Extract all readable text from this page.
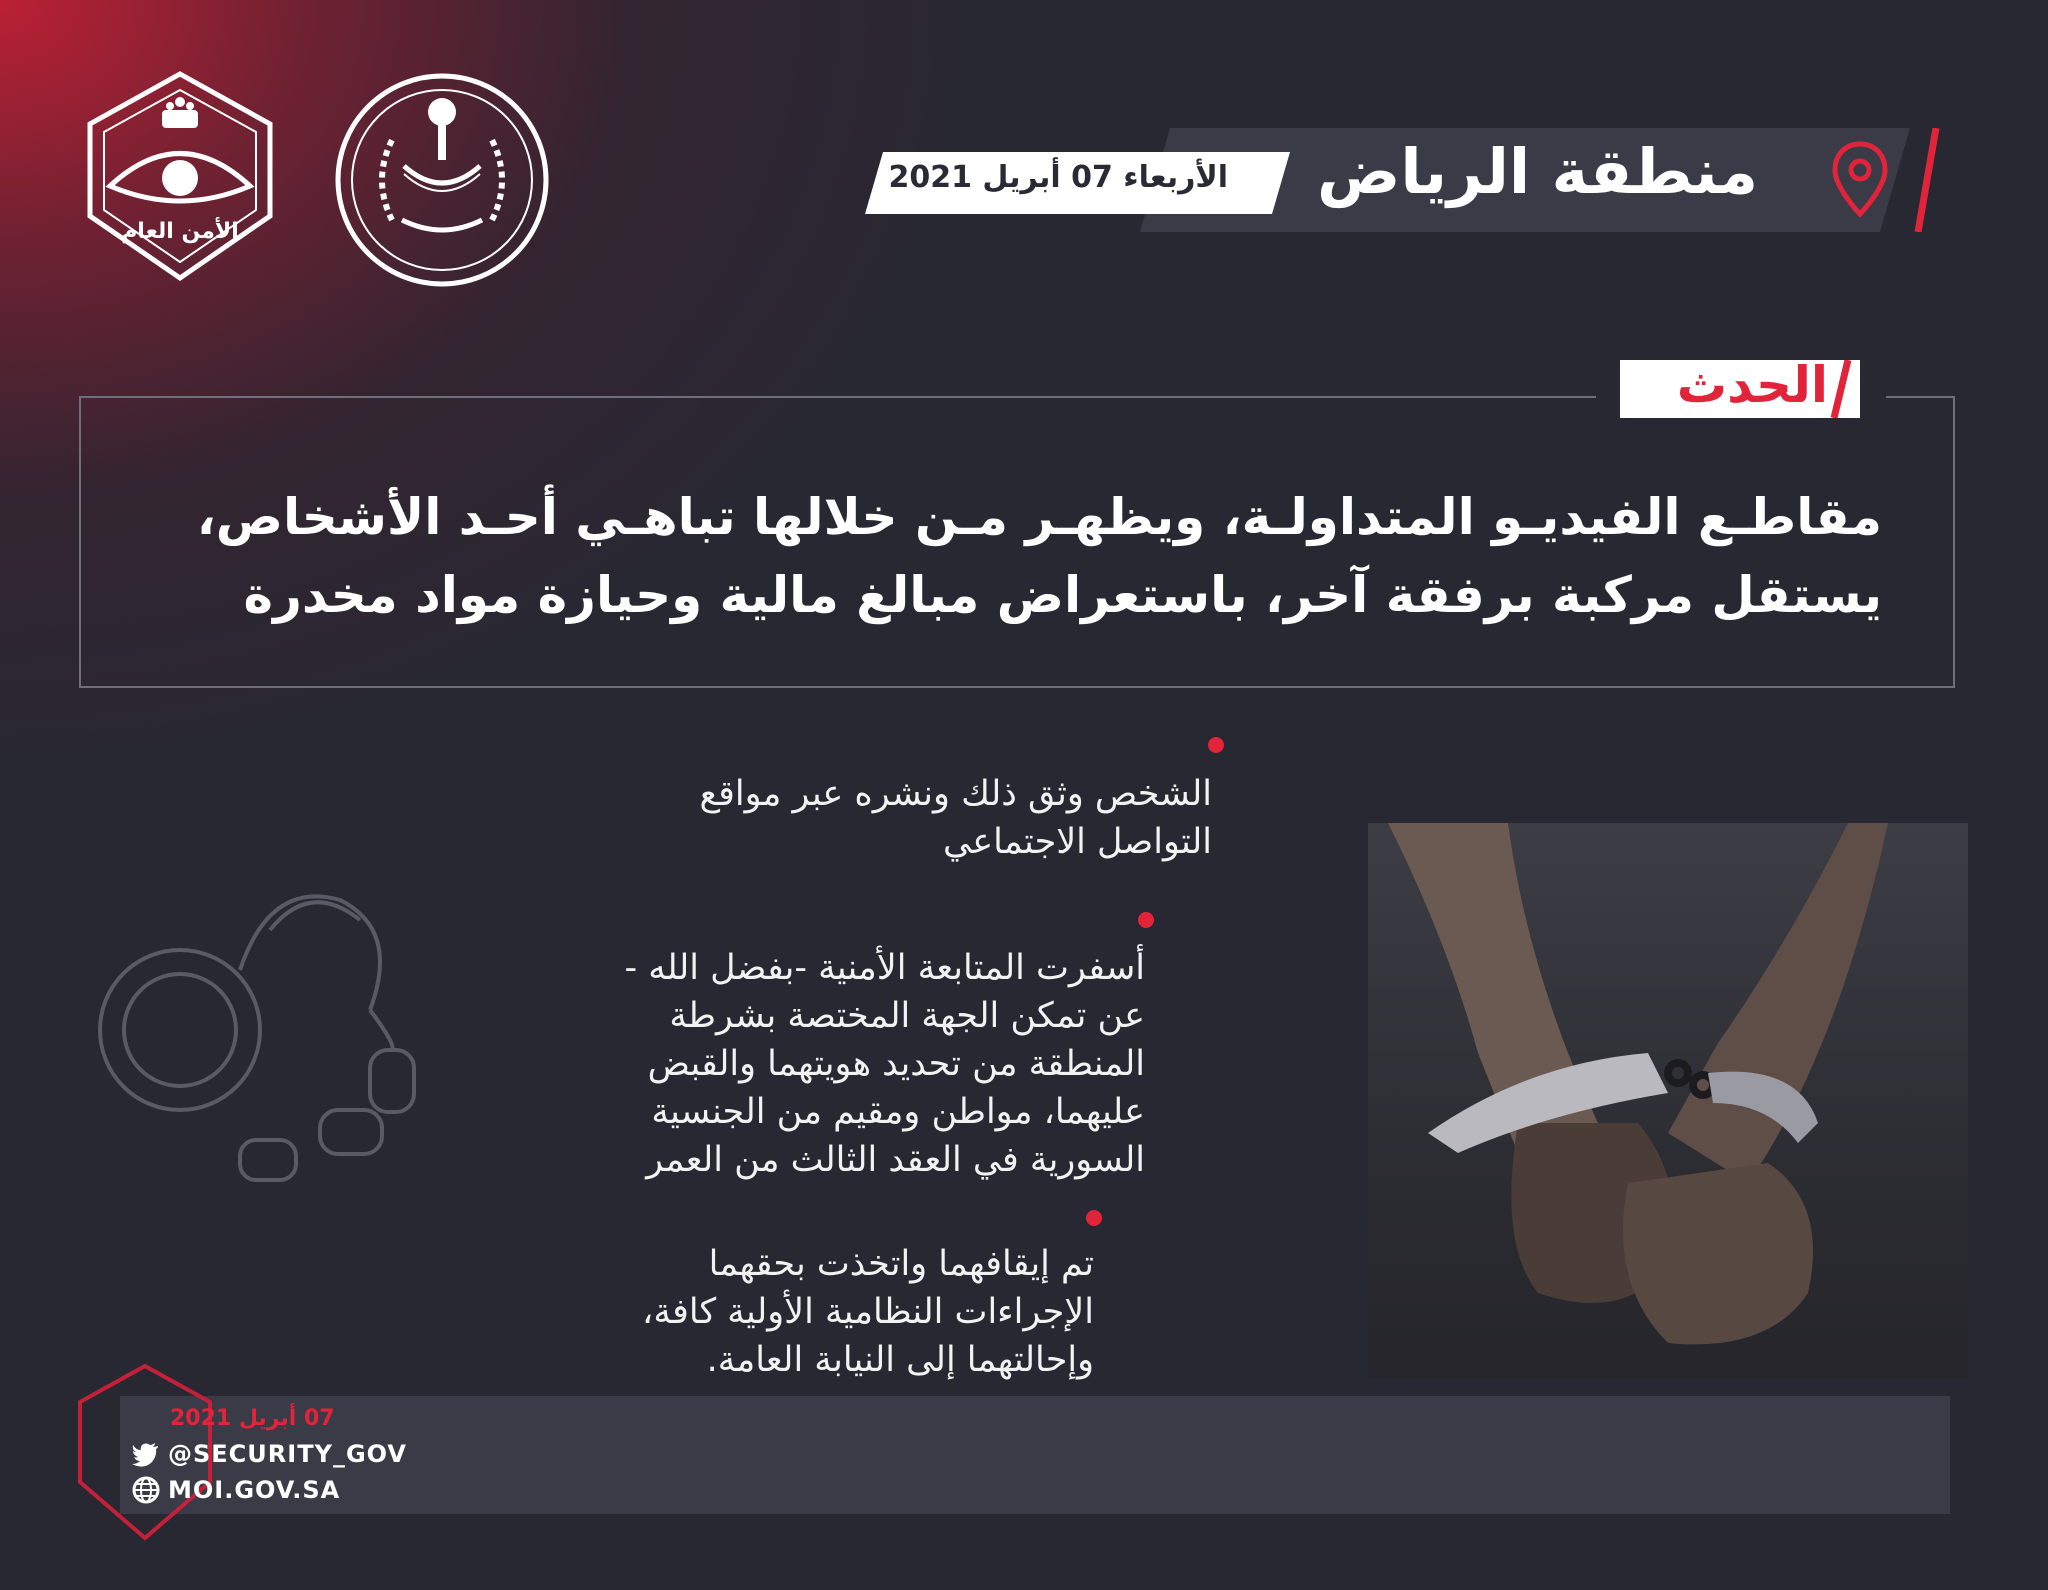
الأمن العام
منطقة الرياض
الأربعاء 07 أبريل 2021
الحدث
مقاطـع الفيديـو المتداولـة، ويظهـر مـن خلالها تباهـي أحـد الأشخاص، يستقل مركبة برفقة آخر، باستعراض مبالغ مالية وحيازة مواد مخدرة
الشخص وثق ذلك ونشره عبر مواقع
التواصل الاجتماعي
أسفرت المتابعة الأمنية -بفضل الله -
عن تمكن الجهة المختصة بشرطة
المنطقة من تحديد هويتهما والقبض
عليهما، مواطن ومقيم من الجنسية
السورية في العقد الثالث من العمر
تم إيقافهما واتخذت بحقهما
الإجراءات النظامية الأولية كافة،
وإحالتهما إلى النيابة العامة.
07 أبريل 2021
@SECURITY_GOV
MOI.GOV.SA
